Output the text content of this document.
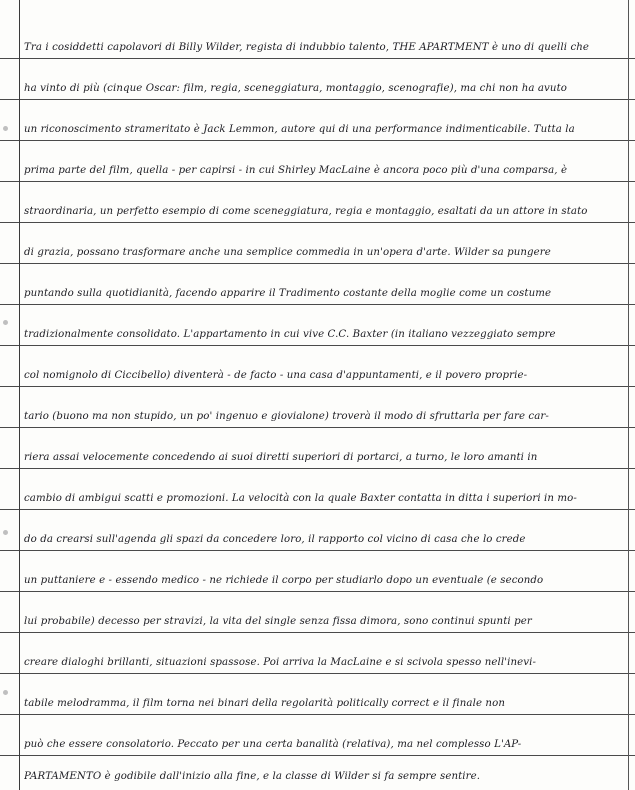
Tra i cosiddetti capolavori di Billy Wilder, regista di indubbio talento, THE APARTMENT è uno di quelli che
ha vinto di più (cinque Oscar: film, regia, sceneggiatura, montaggio, scenografie), ma chi non ha avuto
un riconoscimento strameritato è Jack Lemmon, autore qui di una performance indimenticabile. Tutta la
prima parte del film, quella - per capirsi - in cui Shirley MacLaine è ancora poco più d'una comparsa, è
straordinaria, un perfetto esempio di come sceneggiatura, regia e montaggio, esaltati da un attore in stato
di grazia, possano trasformare anche una semplice commedia in un'opera d'arte. Wilder sa pungere
puntando sulla quotidianità, facendo apparire il Tradimento costante della moglie come un costume
tradizionalmente consolidato. L'appartamento in cui vive C.C. Baxter (in italiano vezzeggiato sempre
col nomignolo di Ciccibello) diventerà - de facto - una casa d'appuntamenti, e il povero proprie-
tario (buono ma non stupido, un po' ingenuo e giovialone) troverà il modo di sfruttarla per fare car-
riera assai velocemente concedendo ai suoi diretti superiori di portarci, a turno, le loro amanti in
cambio di ambigui scatti e promozioni. La velocità con la quale Baxter contatta in ditta i superiori in mo-
do da crearsi sull'agenda gli spazi da concedere loro, il rapporto col vicino di casa che lo crede
un puttaniere e - essendo medico - ne richiede il corpo per studiarlo dopo un eventuale (e secondo
lui probabile) decesso per stravizi, la vita del single senza fissa dimora, sono continui spunti per
creare dialoghi brillanti, situazioni spassose. Poi arriva la MacLaine e si scivola spesso nell'inevi-
tabile melodramma, il film torna nei binari della regolarità politically correct e il finale non
può che essere consolatorio. Peccato per una certa banalità (relativa), ma nel complesso L'AP-
PARTAMENTO è godibile dall'inizio alla fine, e la classe di Wilder si fa sempre sentire.
